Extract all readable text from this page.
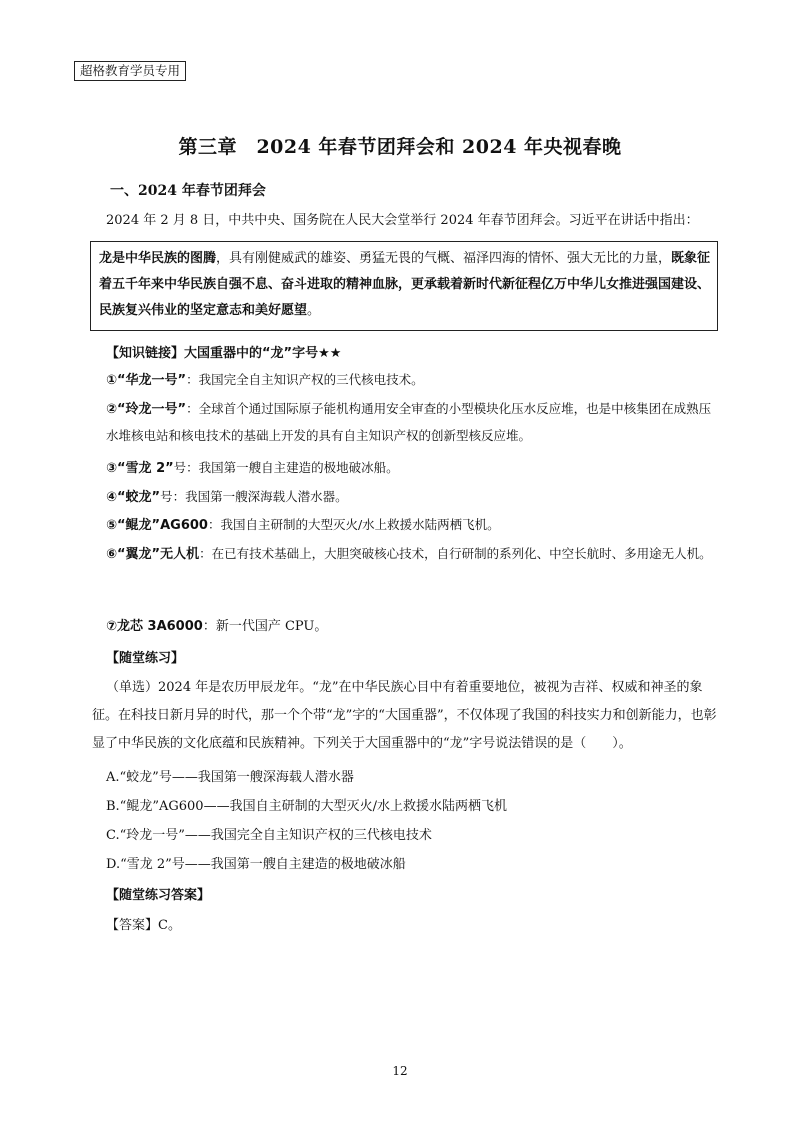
超格教育学员专用
第三章　2024 年春节团拜会和 2024 年央视春晚
一、2024 年春节团拜会
2024 年 2 月 8 日，中共中央、国务院在人民大会堂举行 2024 年春节团拜会。习近平在讲话中指出：
龙是中华民族的图腾，具有刚健威武的雄姿、勇猛无畏的气概、福泽四海的情怀、强大无比的力量，既象征着五千年来中华民族自强不息、奋斗进取的精神血脉，更承载着新时代新征程亿万中华儿女推进强国建设、民族复兴伟业的坚定意志和美好愿望。
【知识链接】大国重器中的“龙”字号★★
①“华龙一号”：我国完全自主知识产权的三代核电技术。
②“玲龙一号”：全球首个通过国际原子能机构通用安全审查的小型模块化压水反应堆，也是中核集团在成熟压水堆核电站和核电技术的基础上开发的具有自主知识产权的创新型核反应堆。
③“雪龙 2”号：我国第一艘自主建造的极地破冰船。
④“蛟龙”号：我国第一艘深海载人潜水器。
⑤“鲲龙”AG600：我国自主研制的大型灭火/水上救援水陆两栖飞机。
⑥“翼龙”无人机：在已有技术基础上，大胆突破核心技术，自行研制的系列化、中空长航时、多用途无人机。
⑦龙芯 3A6000：新一代国产 CPU。
【随堂练习】
（单选）2024 年是农历甲辰龙年。“龙”在中华民族心目中有着重要地位，被视为吉祥、权威和神圣的象征。在科技日新月异的时代，那一个个带“龙”字的“大国重器”，不仅体现了我国的科技实力和创新能力，也彰显了中华民族的文化底蕴和民族精神。下列关于大国重器中的“龙”字号说法错误的是（　　）。
A.“蛟龙”号——我国第一艘深海载人潜水器
B.“鲲龙”AG600——我国自主研制的大型灭火/水上救援水陆两栖飞机
C.“玲龙一号”——我国完全自主知识产权的三代核电技术
D.“雪龙 2”号——我国第一艘自主建造的极地破冰船
【随堂练习答案】
【答案】C。
12
